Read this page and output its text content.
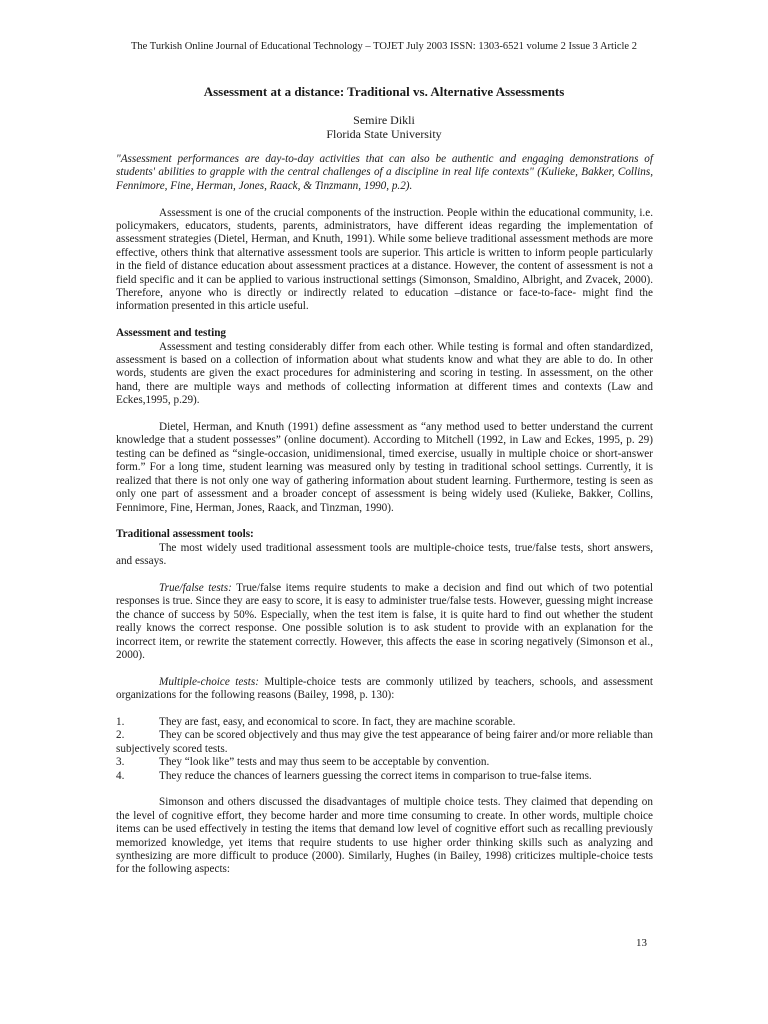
The Turkish Online Journal of Educational Technology – TOJET July 2003 ISSN: 1303-6521 volume 2 Issue 3 Article 2
Assessment at a distance: Traditional vs. Alternative Assessments
Semire Dikli
Florida State University

"Assessment performances are day-to-day activities that can also be authentic and engaging demonstrations of students' abilities to grapple with the central challenges of a discipline in real life contexts" (Kulieke, Bakker, Collins, Fennimore, Fine, Herman, Jones, Raack, & Tinzmann, 1990, p.2).

Assessment is one of the crucial components of the instruction. People within the educational community, i.e. policymakers, educators, students, parents, administrators, have different ideas regarding the implementation of assessment strategies (Dietel, Herman, and Knuth, 1991). While some believe traditional assessment methods are more effective, others think that alternative assessment tools are superior. This article is written to inform people particularly in the field of distance education about assessment practices at a distance. However, the content of assessment is not a field specific and it can be applied to various instructional settings (Simonson, Smaldino, Albright, and Zvacek, 2000). Therefore, anyone who is directly or indirectly related to education –distance or face-to-face- might find the information presented in this article useful.

Assessment and testing

Assessment and testing considerably differ from each other. While testing is formal and often standardized, assessment is based on a collection of information about what students know and what they are able to do. In other words, students are given the exact procedures for administering and scoring in testing. In assessment, on the other hand, there are multiple ways and methods of collecting information at different times and contexts (Law and Eckes,1995, p.29).

Dietel, Herman, and Knuth (1991) define assessment as “any method used to better understand the current knowledge that a student possesses” (online document). According to Mitchell (1992, in Law and Eckes, 1995, p. 29) testing can be defined as “single-occasion, unidimensional, timed exercise, usually in multiple choice or short-answer form.” For a long time, student learning was measured only by testing in traditional school settings. Currently, it is realized that there is not only one way of gathering information about student learning. Furthermore, testing is seen as only one part of assessment and a broader concept of assessment is being widely used (Kulieke, Bakker, Collins, Fennimore, Fine, Herman, Jones, Raack, and Tinzman, 1990).

Traditional assessment tools:

The most widely used traditional assessment tools are multiple-choice tests, true/false tests, short answers, and essays.

True/false tests: True/false items require students to make a decision and find out which of two potential responses is true. Since they are easy to score, it is easy to administer true/false tests. However, guessing might increase the chance of success by 50%. Especially, when the test item is false, it is quite hard to find out whether the student really knows the correct response. One possible solution is to ask student to provide with an explanation for the incorrect item, or rewrite the statement correctly. However, this affects the ease in scoring negatively (Simonson et al., 2000).

Multiple-choice tests: Multiple-choice tests are commonly utilized by teachers, schools, and assessment organizations for the following reasons (Bailey, 1998, p. 130):

1.	They are fast, easy, and economical to score. In fact, they are machine scorable.
2.	They can be scored objectively and thus may give the test appearance of being fairer and/or more reliable than subjectively scored tests.
3.	They “look like” tests and may thus seem to be acceptable by convention.
4.	They reduce the chances of learners guessing the correct items in comparison to true-false items.

Simonson and others discussed the disadvantages of multiple choice tests. They claimed that depending on the level of cognitive effort, they become harder and more time consuming to create. In other words, multiple choice items can be used effectively in testing the items that demand low level of cognitive effort such as recalling previously memorized knowledge, yet items that require students to use higher order thinking skills such as analyzing and synthesizing are more difficult to produce (2000). Similarly, Hughes (in Bailey, 1998) criticizes multiple-choice tests for the following aspects:

13
